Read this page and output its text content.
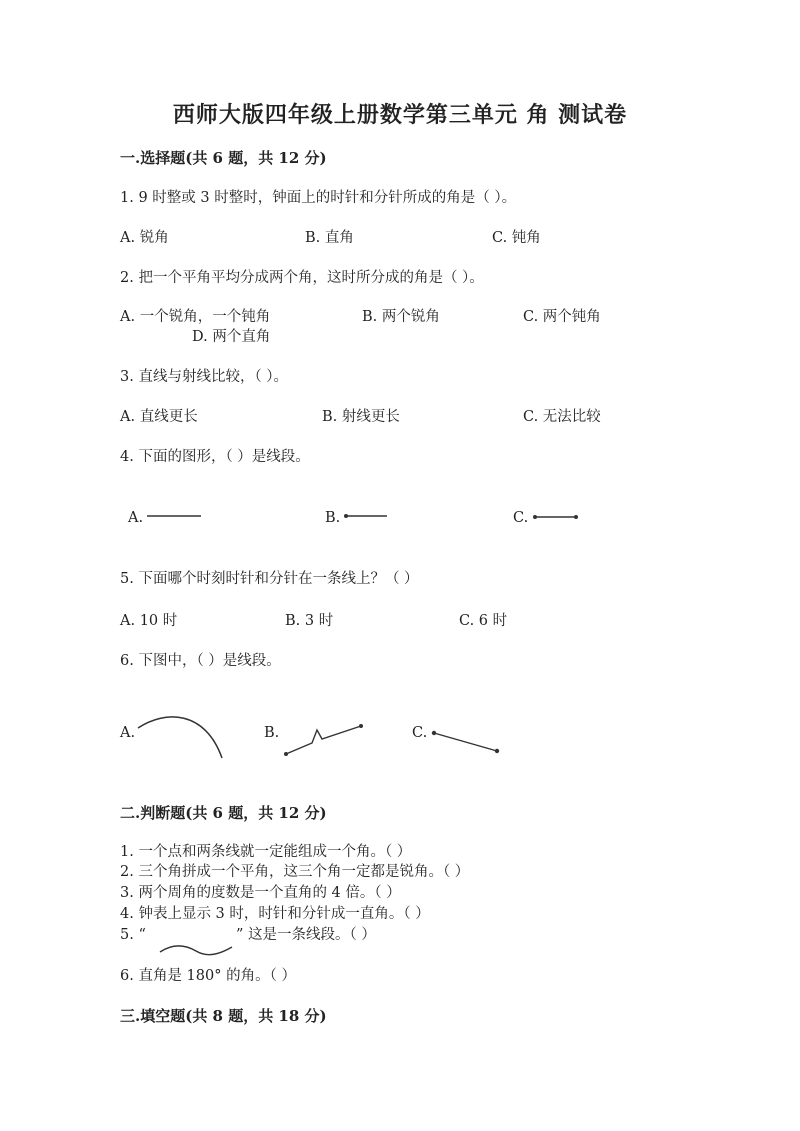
西师大版四年级上册数学第三单元 角 测试卷
一.选择题(共 6 题，共 12 分)
1. 9 时整或 3 时整时，钟面上的时针和分针所成的角是（ ）。
A. 锐角	B. 直角	C. 钝角
2. 把一个平角平均分成两个角，这时所分成的角是（ ）。
A. 一个锐角，一个钝角	B. 两个锐角	C. 两个钝角
D. 两个直角
3. 直线与射线比较，（ ）。
A. 直线更长	B. 射线更长	C. 无法比较
4. 下面的图形，（ ）是线段。
A.	B.	C.
5. 下面哪个时刻时针和分针在一条线上？（ ）
A. 10 时	B. 3 时	C. 6 时
6. 下图中，（ ）是线段。
A.	B.	C.
二.判断题(共 6 题，共 12 分)
1. 一个点和两条线就一定能组成一个角。（ ）
2. 三个角拼成一个平角，这三个角一定都是锐角。（ ）
3. 两个周角的度数是一个直角的 4 倍。（ ）
4. 钟表上显示 3 时，时针和分针成一直角。（ ）
5. “	” 这是一条线段。（ ）
6. 直角是 180° 的角。（ ）
三.填空题(共 8 题，共 18 分)
